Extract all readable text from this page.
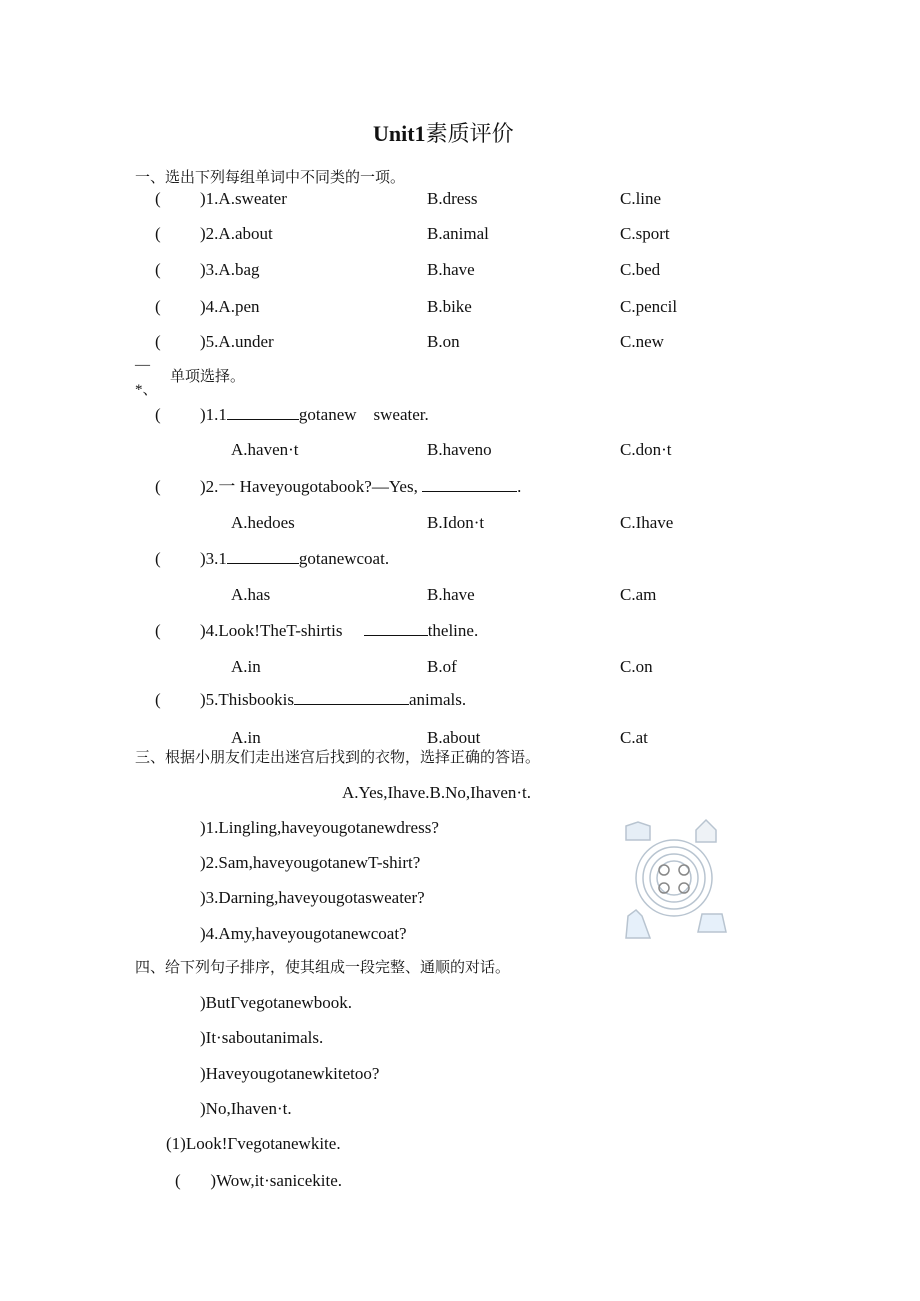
Unit1素质评价
一、选出下列每组单词中不同类的一项。
—
*、
单项选择。
三、根据小朋友们走出迷宫后找到的衣物，选择正确的答语。
A.Yes,Ihave.B.No,Ihaven·t.
四、给下列句子排序，使其组成一段完整、通顺的对话。
( )1.A.sweater	B.dress	C.line
( )2.A.about	B.animal	C.sport
( )3.A.bag	B.have	C.bed
( )4.A.pen	B.bike	C.pencil
( )5.A.under	B.on	C.new
( )1.1	gotanew    sweater.
A.haven·t	B.haveno	C.don·t
( )2.一 Haveyougotabook?—Yes,	.
A.hedoes	B.Idon·t	C.Ihave
( )3.1	gotanewcoat.
A.has	B.have	C.am
( )4.Look!TheT-shirtis	theline.
A.in	B.of	C.on
( )5.Thisbookis	animals.
A.in	B.about	C.at
)1.Lingling,haveyougotanewdress?
)2.Sam,haveyougotanewT-shirt?
)3.Darning,haveyougotasweater?
)4.Amy,haveyougotanewcoat?
)ButΓvegotanewbook.
)It·saboutanimals.
)Haveyougotanewkitetoo?
)No,Ihaven·t.
(1)Look!Γvegotanewkite.
(       )Wow,it·sanicekite.
